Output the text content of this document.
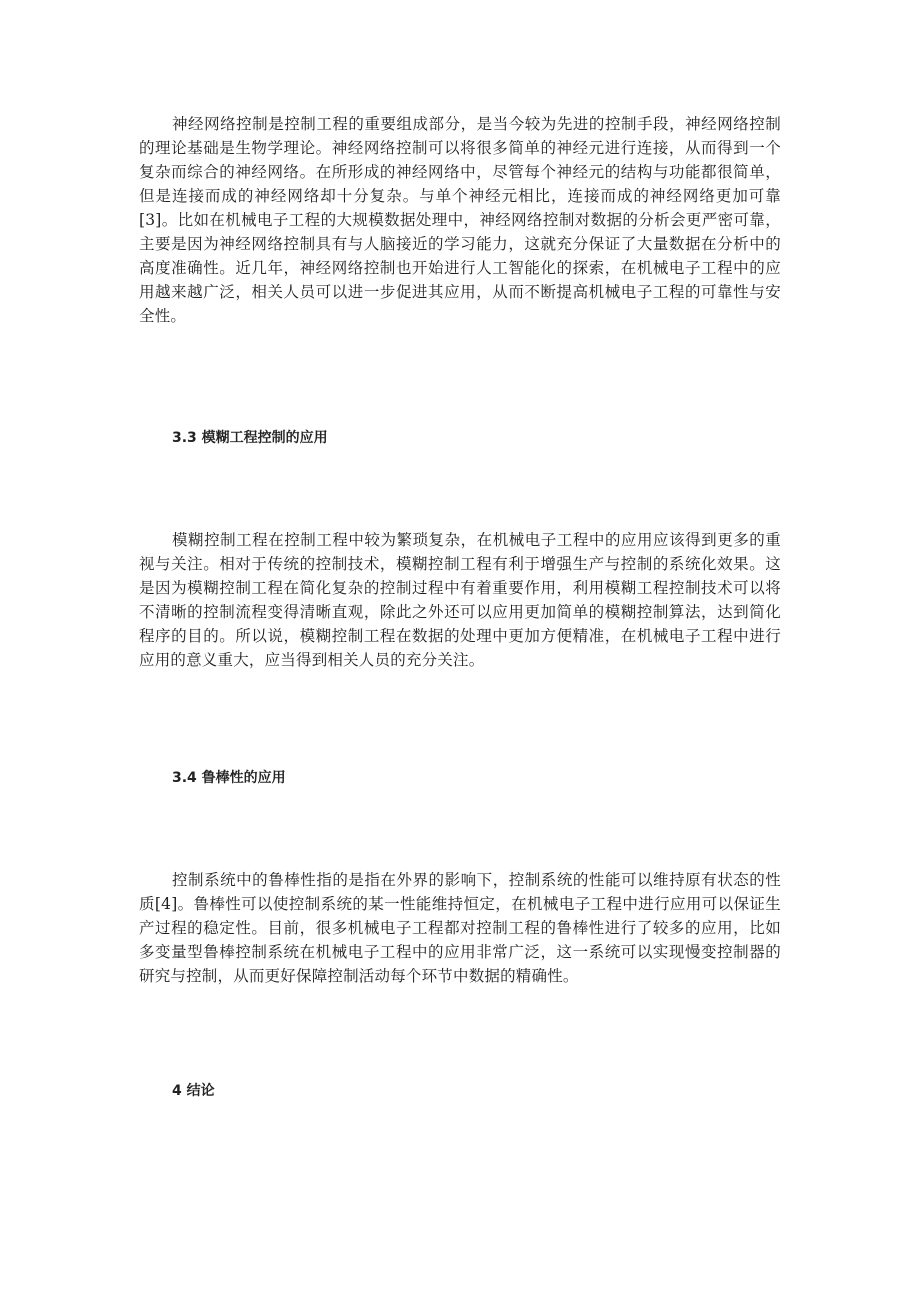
神经网络控制是控制工程的重要组成部分，是当今较为先进的控制手段，神经网络控制的理论基础是生物学理论。神经网络控制可以将很多简单的神经元进行连接，从而得到一个复杂而综合的神经网络。在所形成的神经网络中，尽管每个神经元的结构与功能都很简单，但是连接而成的神经网络却十分复杂。与单个神经元相比，连接而成的神经网络更加可靠[3]。比如在机械电子工程的大规模数据处理中，神经网络控制对数据的分析会更严密可靠，主要是因为神经网络控制具有与人脑接近的学习能力，这就充分保证了大量数据在分析中的高度准确性。近几年，神经网络控制也开始进行人工智能化的探索，在机械电子工程中的应用越来越广泛，相关人员可以进一步促进其应用，从而不断提高机械电子工程的可靠性与安全性。

3.3 模糊工程控制的应用

模糊控制工程在控制工程中较为繁琐复杂，在机械电子工程中的应用应该得到更多的重视与关注。相对于传统的控制技术，模糊控制工程有利于增强生产与控制的系统化效果。这是因为模糊控制工程在简化复杂的控制过程中有着重要作用，利用模糊工程控制技术可以将不清晰的控制流程变得清晰直观，除此之外还可以应用更加简单的模糊控制算法，达到简化程序的目的。所以说，模糊控制工程在数据的处理中更加方便精准，在机械电子工程中进行应用的意义重大，应当得到相关人员的充分关注。

3.4 鲁棒性的应用

控制系统中的鲁棒性指的是指在外界的影响下，控制系统的性能可以维持原有状态的性质[4]。鲁棒性可以使控制系统的某一性能维持恒定，在机械电子工程中进行应用可以保证生产过程的稳定性。目前，很多机械电子工程都对控制工程的鲁棒性进行了较多的应用，比如多变量型鲁棒控制系统在机械电子工程中的应用非常广泛，这一系统可以实现慢变控制器的研究与控制，从而更好保障控制活动每个环节中数据的精确性。

4 结论
